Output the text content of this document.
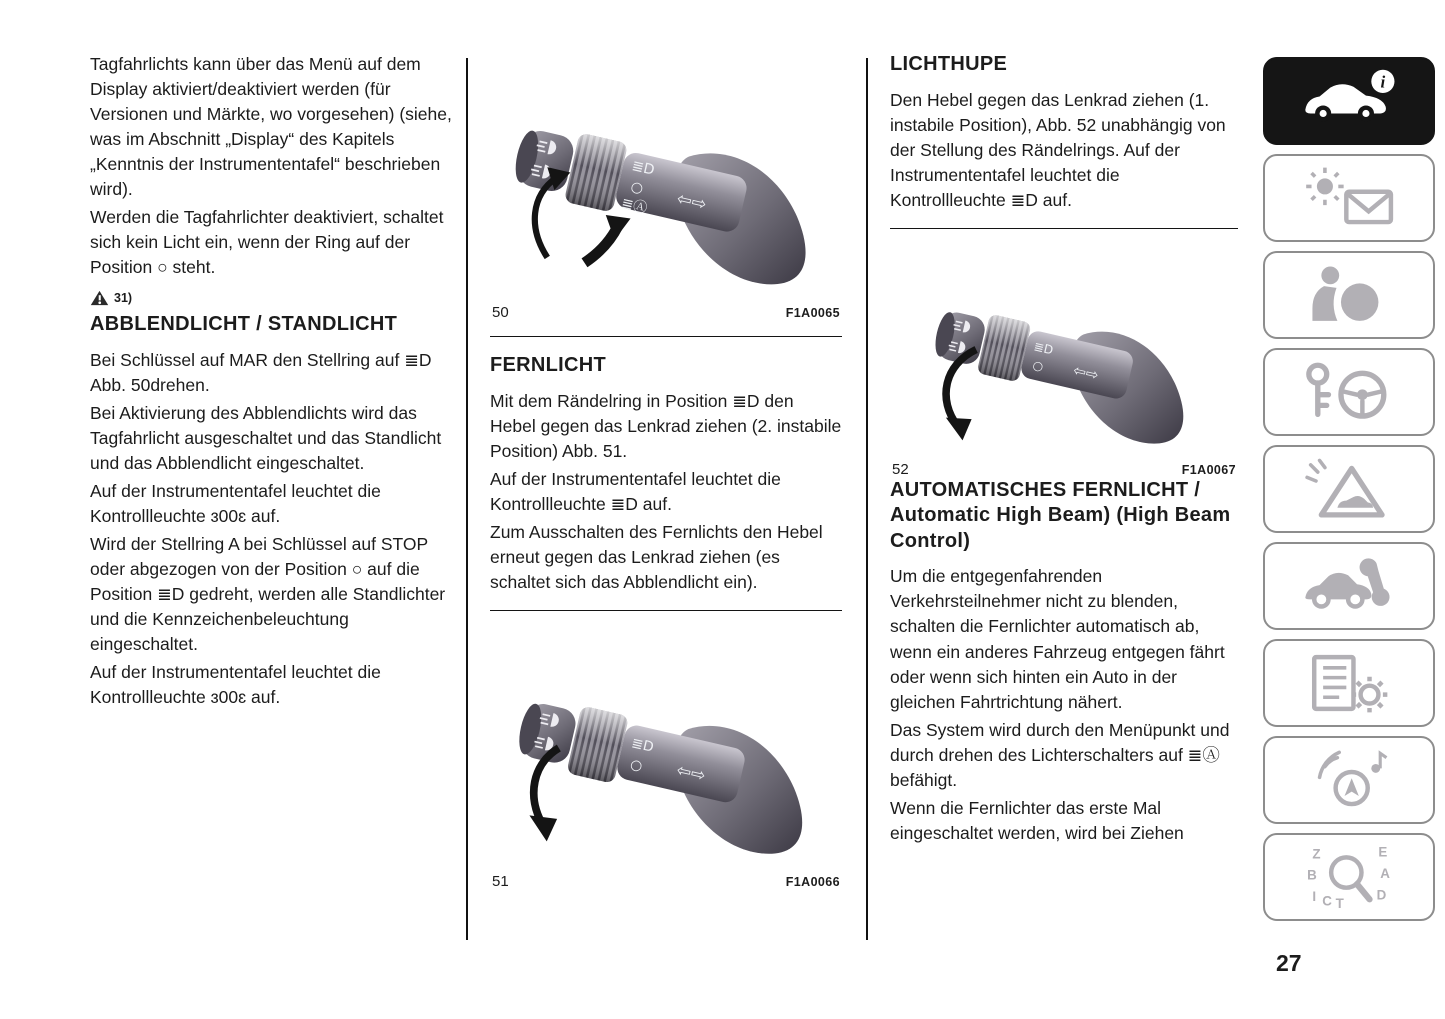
Tagfahrlichts kann über das Menü auf dem Display aktiviert/deaktiviert werden (für Versionen und Märkte, wo vorgesehen) (siehe, was im Abschnitt „Display“ des Kapitels „Kenntnis der Instrumententafel“ beschrieben wird).

Werden die Tagfahrlichter deaktiviert, schaltet sich kein Licht ein, wenn der Ring auf der Position ○ steht.

31)
ABBLENDLICHT / STANDLICHT

Bei Schlüssel auf MAR den Stellring auf ≣D Abb. 50drehen.

Bei Aktivierung des Abblendlichts wird das Tagfahrlicht ausgeschaltet und das Standlicht und das Abblendlicht eingeschaltet.

Auf der Instrumententafel leuchtet die Kontrollleuchte ɜ00ɛ auf.

Wird der Stellring A bei Schlüssel auf STOP oder abgezogen von der Position ○ auf die Position ≣D gedreht, werden alle Standlichter und die Kennzeichenbeleuchtung eingeschaltet.

Auf der Instrumententafel leuchtet die Kontrollleuchte ɜ00ɛ auf.

≣D
○
≣Ⓐ ⇦⇨
50	F1A0065
FERNLICHT

Mit dem Rändelring in Position ≣D den Hebel gegen das Lenkrad ziehen (2. instabile Position) Abb. 51.

Auf der Instrumententafel leuchtet die Kontrollleuchte ≣D auf.

Zum Ausschalten des Fernlichts den Hebel erneut gegen das Lenkrad ziehen (es schaltet sich das Abblendlicht ein).

≣D
○ ⇦⇨
51	F1A0066
LICHTHUPE

Den Hebel gegen das Lenkrad ziehen (1. instabile Position), Abb. 52 unabhängig von der Stellung des Rändelrings. Auf der Instrumententafel leuchtet die Kontrollleuchte ≣D auf.

≣D
○ ⇦⇨
52	F1A0067
AUTOMATISCHES FERNLICHT / Automatic High Beam) (High Beam Control)

Um die entgegenfahrenden Verkehrsteilnehmer nicht zu blenden, schalten die Fernlichter automatisch ab, wenn ein anderes Fahrzeug entgegen fährt oder wenn sich hinten ein Auto in der gleichen Fahrtrichtung nähert.

Das System wird durch den Menüpunkt und durch drehen des Lichterschalters auf ≣Ⓐ befähigt.

Wenn die Fernlichter das erste Mal eingeschaltet werden, wird bei Ziehen

i
Z	E
B	A
I C T
D
27
